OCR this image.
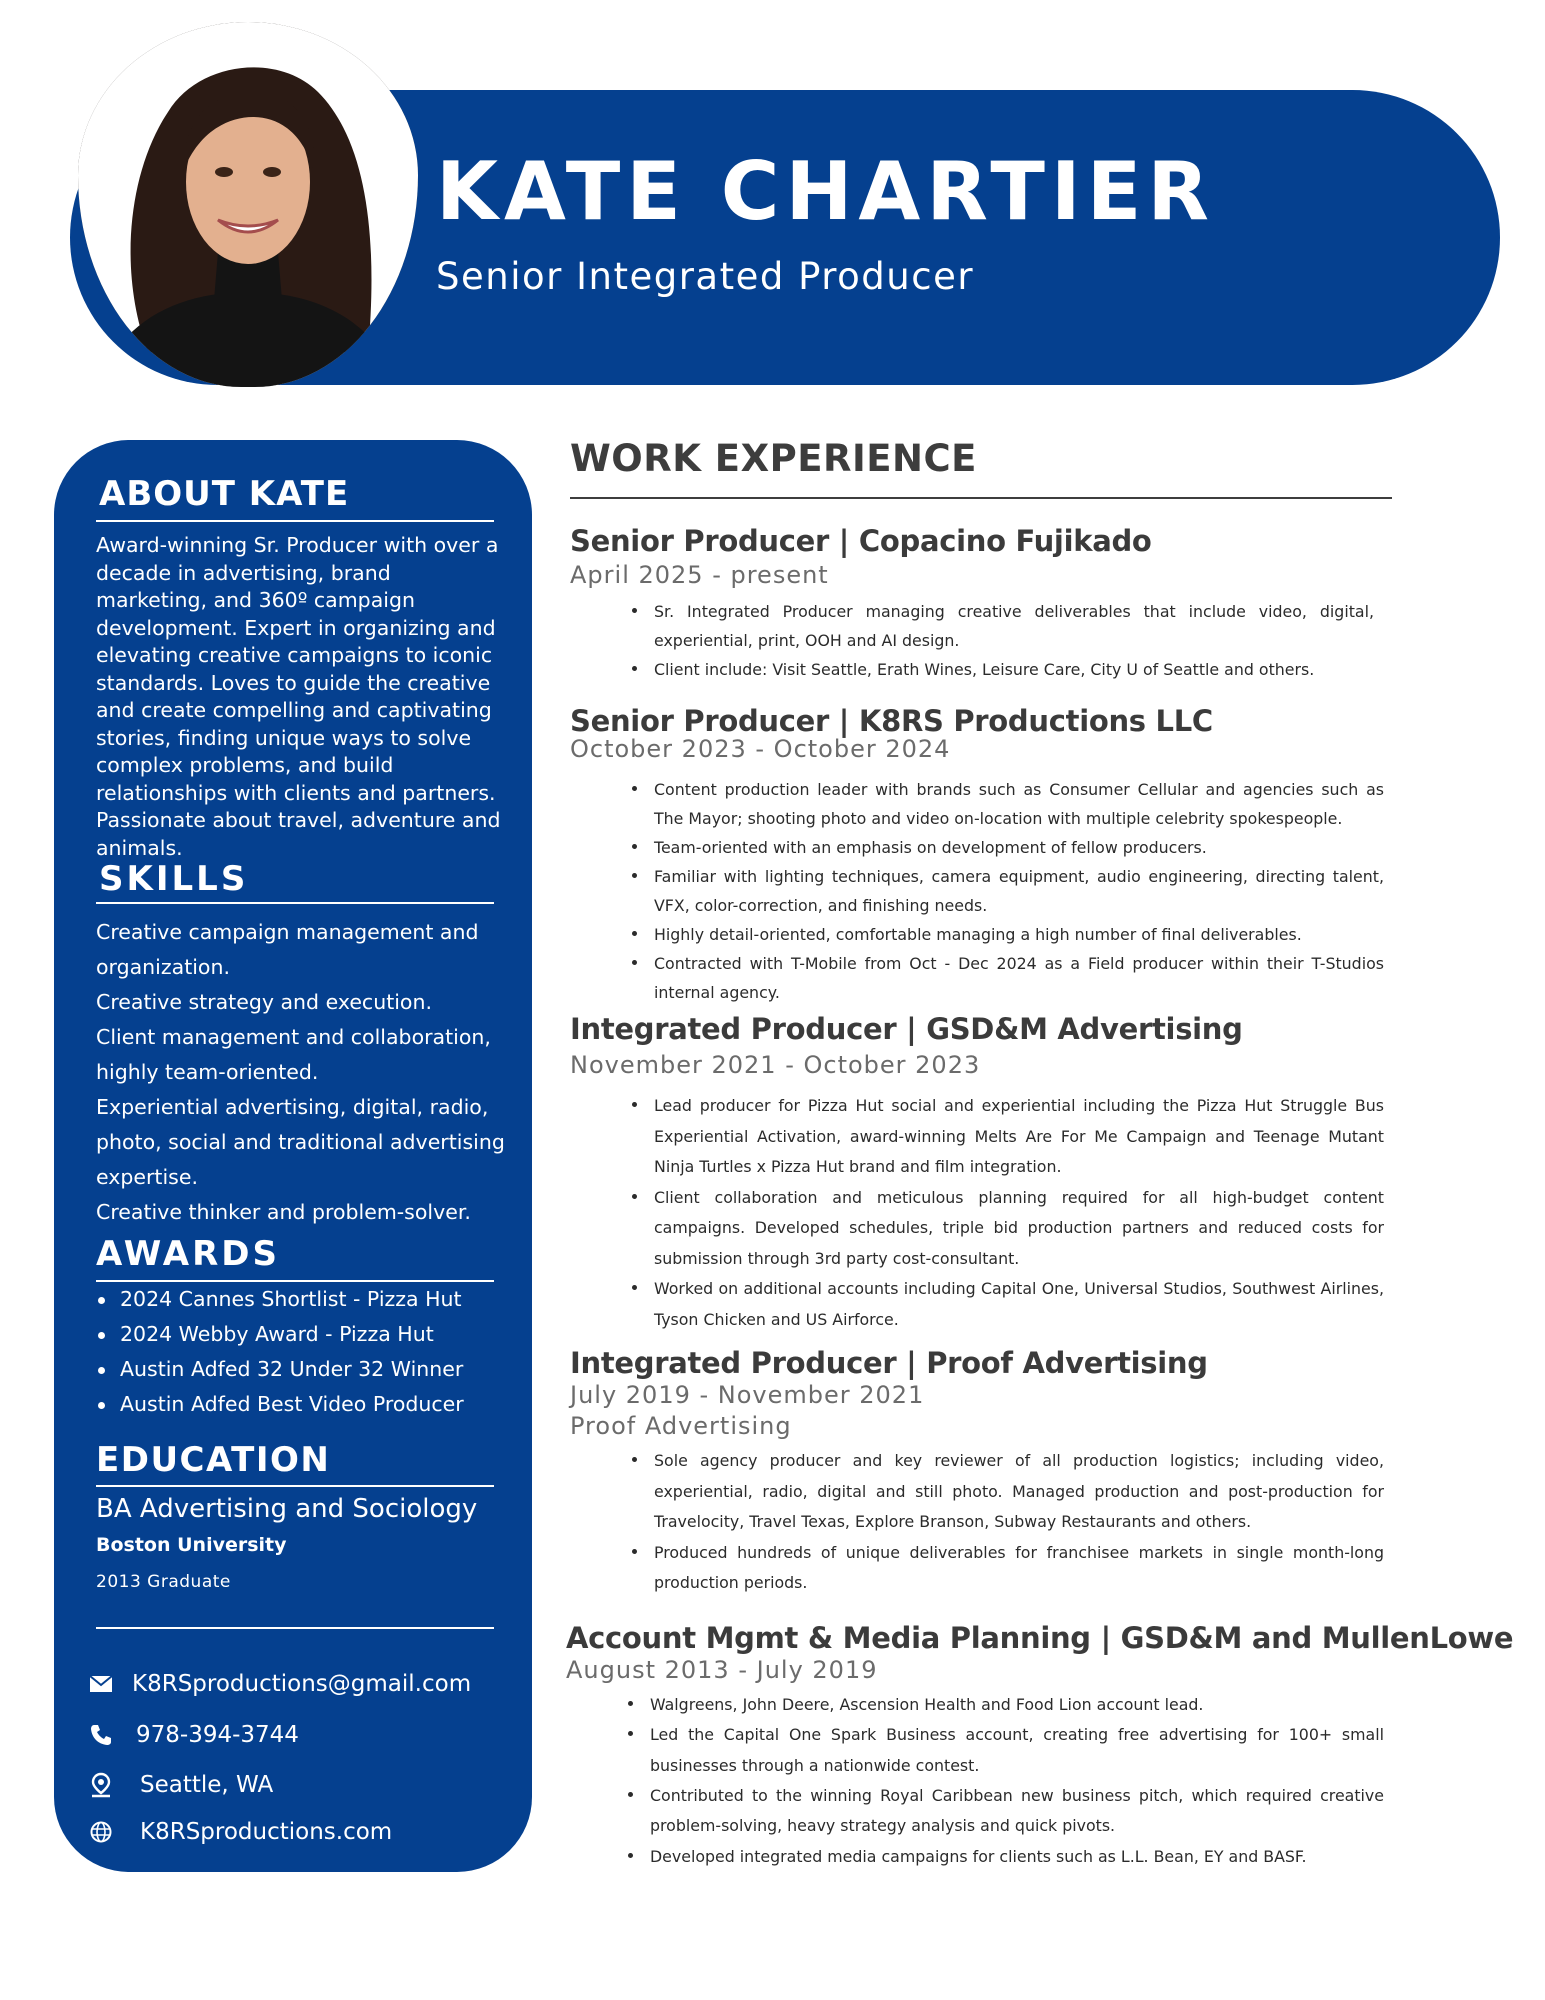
KATE CHARTIER

Senior Integrated Producer

ABOUT KATE

Award-winning Sr. Producer with over a decade in advertising, brand marketing, and 360º campaign development. Expert in organizing and elevating creative campaigns to iconic standards. Loves to guide the creative and create compelling and captivating stories, finding unique ways to solve complex problems, and build relationships with clients and partners. Passionate about travel, adventure and animals.

SKILLS
Creative campaign management and organization.
Creative strategy and execution.
Client management and collaboration, highly team-oriented.
Experiential advertising, digital, radio, photo, social and traditional advertising expertise.
Creative thinker and problem-solver.
AWARDS
2024 Cannes Shortlist - Pizza Hut
2024 Webby Award - Pizza Hut
Austin Adfed 32 Under 32 Winner
Austin Adfed Best Video Producer
EDUCATION

BA Advertising and Sociology

Boston University

2013 Graduate

K8RSproductions@gmail.com
978-394-3744
Seattle, WA
K8RSproductions.com
WORK EXPERIENCE
Senior Producer | Copacino Fujikado

April 2025 - present

Sr. Integrated Producer managing creative deliverables that include video, digital, experiential, print, OOH and AI design.
Client include: Visit Seattle, Erath Wines, Leisure Care, City U of Seattle and others.
Senior Producer | K8RS Productions LLC

October 2023 - October 2024

Content production leader with brands such as Consumer Cellular and agencies such as The Mayor; shooting photo and video on-location with multiple celebrity spokespeople.
Team-oriented with an emphasis on development of fellow producers.
Familiar with lighting techniques, camera equipment, audio engineering, directing talent, VFX, color-correction, and finishing needs.
Highly detail-oriented, comfortable managing a high number of final deliverables.
Contracted with T-Mobile from Oct - Dec 2024 as a Field producer within their T-Studios internal agency.
Integrated Producer | GSD&M Advertising

November 2021 - October 2023

Lead producer for Pizza Hut social and experiential including the Pizza Hut Struggle Bus Experiential Activation, award-winning Melts Are For Me Campaign and Teenage Mutant Ninja Turtles x Pizza Hut brand and film integration.
Client collaboration and meticulous planning required for all high-budget content campaigns. Developed schedules, triple bid production partners and reduced costs for submission through 3rd party cost-consultant.
Worked on additional accounts including Capital One, Universal Studios, Southwest Airlines, Tyson Chicken and US Airforce.
Integrated Producer | Proof Advertising

July 2019 - November 2021

Proof Advertising

Sole agency producer and key reviewer of all production logistics; including video, experiential, radio, digital and still photo. Managed production and post-production for Travelocity, Travel Texas, Explore Branson, Subway Restaurants and others.
Produced hundreds of unique deliverables for franchisee markets in single month-long production periods.
Account Mgmt & Media Planning | GSD&M and MullenLowe

August 2013 - July 2019

Walgreens, John Deere, Ascension Health and Food Lion account lead.
Led the Capital One Spark Business account, creating free advertising for 100+ small businesses through a nationwide contest.
Contributed to the winning Royal Caribbean new business pitch, which required creative problem-solving, heavy strategy analysis and quick pivots.
Developed integrated media campaigns for clients such as L.L. Bean, EY and BASF.
